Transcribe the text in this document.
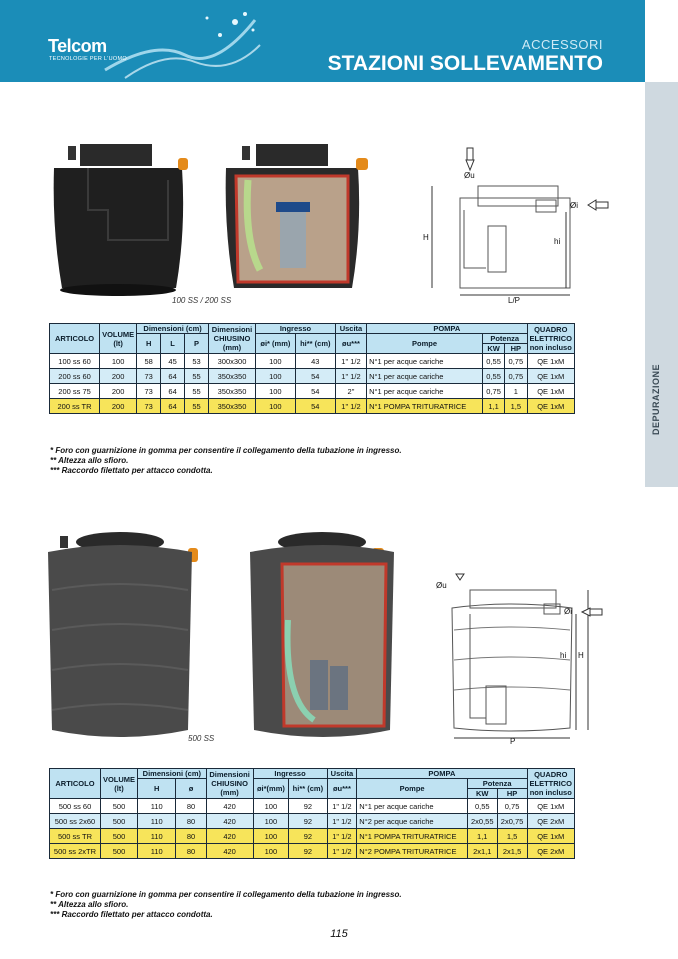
Telcom
TECNOLOGIE PER L'UOMO
ACCESSORI
STAZIONI SOLLEVAMENTO
DEPURAZIONE
100 SS / 200 SS
Øu
Øi
H	hi
L/P
ARTICOLO	VOLUME (lt)	Dimensioni (cm)			Dimensioni CHIUSINO (mm)	Ingresso		Uscita	POMPA			QUADRO ELETTRICO non incluso
		H	L	P		øi* (mm)	hi** (cm)	øu***	Pompe	Potenza		
										KW	HP	
100 ss 60	100	58	45	53	300x300	100	43	1" 1/2	N°1 per acque cariche	0,55	0,75	QE 1xM
200 ss 60	200	73	64	55	350x350	100	54	1" 1/2	N°1 per acque cariche	0,55	0,75	QE 1xM
200 ss 75	200	73	64	55	350x350	100	54	2"	N°1 per acque cariche	0,75	1	QE 1xM
200 ss TR	200	73	64	55	350x350	100	54	1" 1/2	N°1 POMPA TRITURATRICE	1,1	1,5	QE 1xM
* Foro con guarnizione in gomma per consentire il collegamento della tubazione in ingresso.
** Altezza allo sfioro.
*** Raccordo filettato per attacco condotta.
500 SS
Øu
Øi
hi H
P
ARTICOLO	VOLUME (lt)	Dimensioni (cm)		Dimensioni CHIUSINO (mm)	Ingresso		Uscita	POMPA			QUADRO ELETTRICO non incluso
		H	ø		øi*(mm)	hi** (cm)	øu***	Pompe	Potenza		
									KW	HP	
500 ss 60	500	110	80	420	100	92	1" 1/2	N°1 per acque cariche	0,55	0,75	QE 1xM
500 ss 2x60	500	110	80	420	100	92	1" 1/2	N°2 per acque cariche	2x0,55	2x0,75	QE 2xM
500 ss TR	500	110	80	420	100	92	1" 1/2	N°1 POMPA TRITURATRICE	1,1	1,5	QE 1xM
500 ss 2xTR	500	110	80	420	100	92	1" 1/2	N°2 POMPA TRITURATRICE	2x1,1	2x1,5	QE 2xM
* Foro con guarnizione in gomma per consentire il collegamento della tubazione in ingresso.
** Altezza allo sfioro.
*** Raccordo filettato per attacco condotta.
115
